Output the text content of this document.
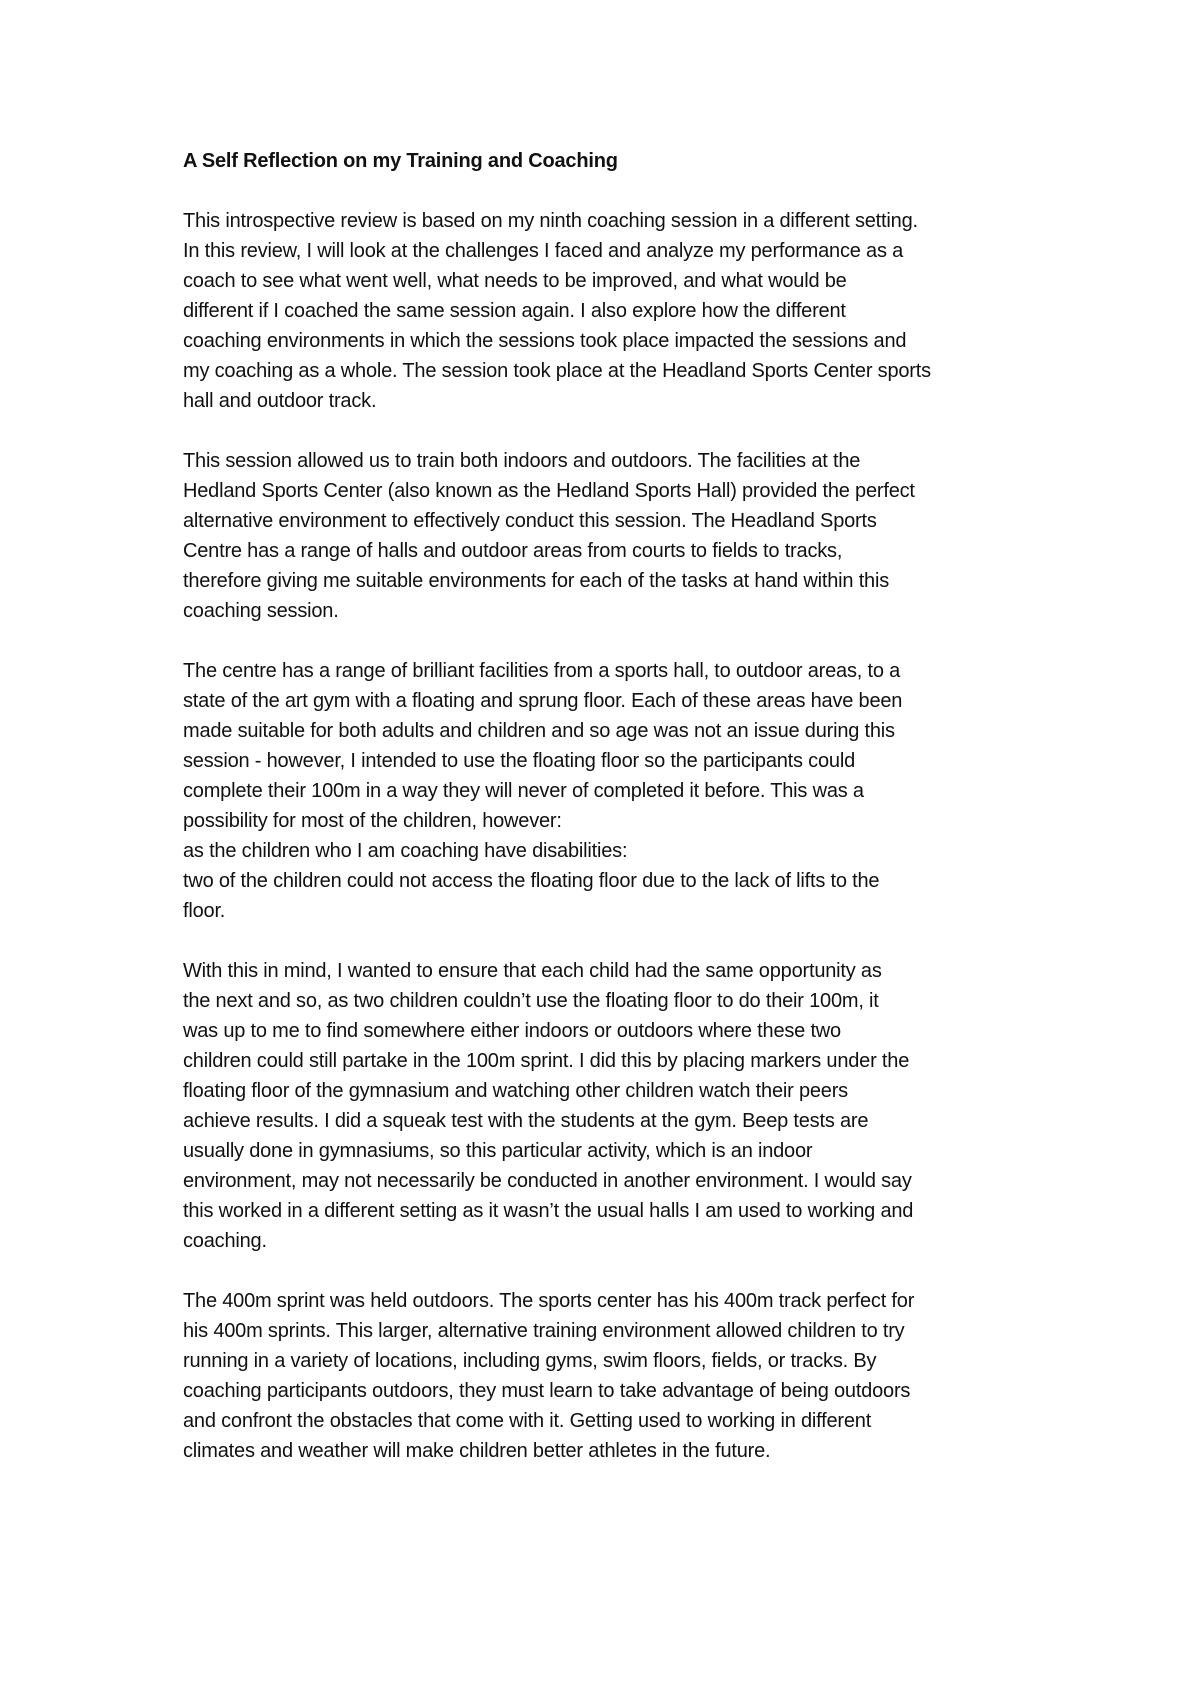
A Self Reflection on my Training and Coaching
This introspective review is based on my ninth coaching session in a different setting.
In this review, I will look at the challenges I faced and analyze my performance as a
coach to see what went well, what needs to be improved, and what would be
different if I coached the same session again. I also explore how the different
coaching environments in which the sessions took place impacted the sessions and
my coaching as a whole. The session took place at the Headland Sports Center sports
hall and outdoor track.
This session allowed us to train both indoors and outdoors. The facilities at the
Hedland Sports Center (also known as the Hedland Sports Hall) provided the perfect
alternative environment to effectively conduct this session. The Headland Sports
Centre has a range of halls and outdoor areas from courts to fields to tracks,
therefore giving me suitable environments for each of the tasks at hand within this
coaching session.
The centre has a range of brilliant facilities from a sports hall, to outdoor areas, to a
state of the art gym with a floating and sprung floor. Each of these areas have been
made suitable for both adults and children and so age was not an issue during this
session - however, I intended to use the floating floor so the participants could
complete their 100m in a way they will never of completed it before. This was a
possibility for most of the children, however:
as the children who I am coaching have disabilities:
two of the children could not access the floating floor due to the lack of lifts to the
floor.
With this in mind, I wanted to ensure that each child had the same opportunity as
the next and so, as two children couldn’t use the floating floor to do their 100m, it
was up to me to find somewhere either indoors or outdoors where these two
children could still partake in the 100m sprint. I did this by placing markers under the
floating floor of the gymnasium and watching other children watch their peers
achieve results. I did a squeak test with the students at the gym. Beep tests are
usually done in gymnasiums, so this particular activity, which is an indoor
environment, may not necessarily be conducted in another environment. I would say
this worked in a different setting as it wasn’t the usual halls I am used to working and
coaching.
The 400m sprint was held outdoors. The sports center has his 400m track perfect for
his 400m sprints. This larger, alternative training environment allowed children to try
running in a variety of locations, including gyms, swim floors, fields, or tracks. By
coaching participants outdoors, they must learn to take advantage of being outdoors
and confront the obstacles that come with it. Getting used to working in different
climates and weather will make children better athletes in the future.
